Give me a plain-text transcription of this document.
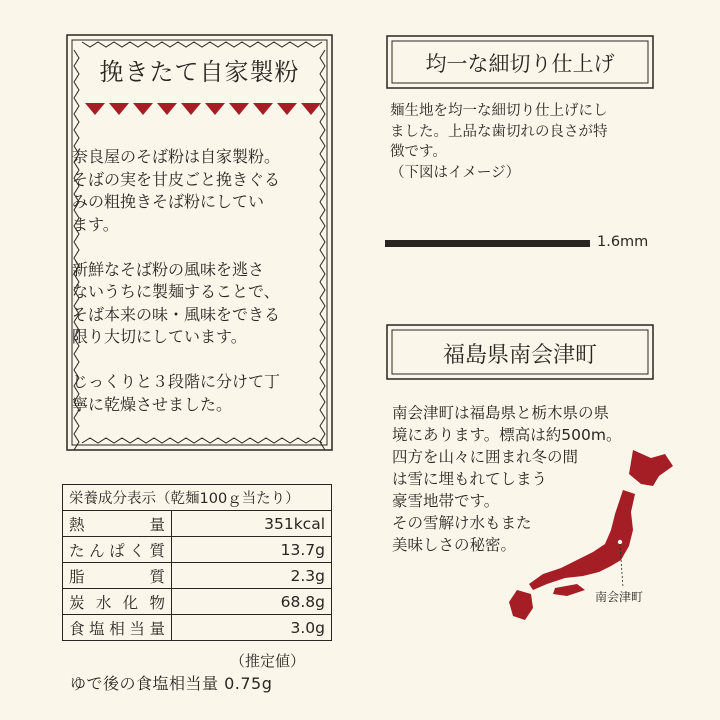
挽きたて自家製粉
奈良屋のそば粉は自家製粉。
そばの実を甘皮ごと挽きぐる
みの粗挽きそば粉にしてい
ます。

新鮮なそば粉の風味を逃さ
ないうちに製麺することで、
そば本来の味・風味をできる
限り大切にしています。

じっくりと３段階に分けて丁
寧に乾燥させました。
栄養成分表示（乾麺100ｇ当たり）	
熱量	351kcal
たんぱく質	13.7g
脂質	2.3g
炭水化物	68.8g
食塩相当量	3.0g
（推定値）
ゆで後の食塩相当量 0.75g
均一な細切り仕上げ
麺生地を均一な細切り仕上げにし
ました。上品な歯切れの良さが特
徴です。
（下図はイメージ）
1.6mm
福島県南会津町
南会津町は福島県と栃木県の県
境にあります。標高は約500m。
四方を山々に囲まれ冬の間
は雪に埋もれてしまう
豪雪地帯です。
その雪解け水もまた
美味しさの秘密。
南会津町
